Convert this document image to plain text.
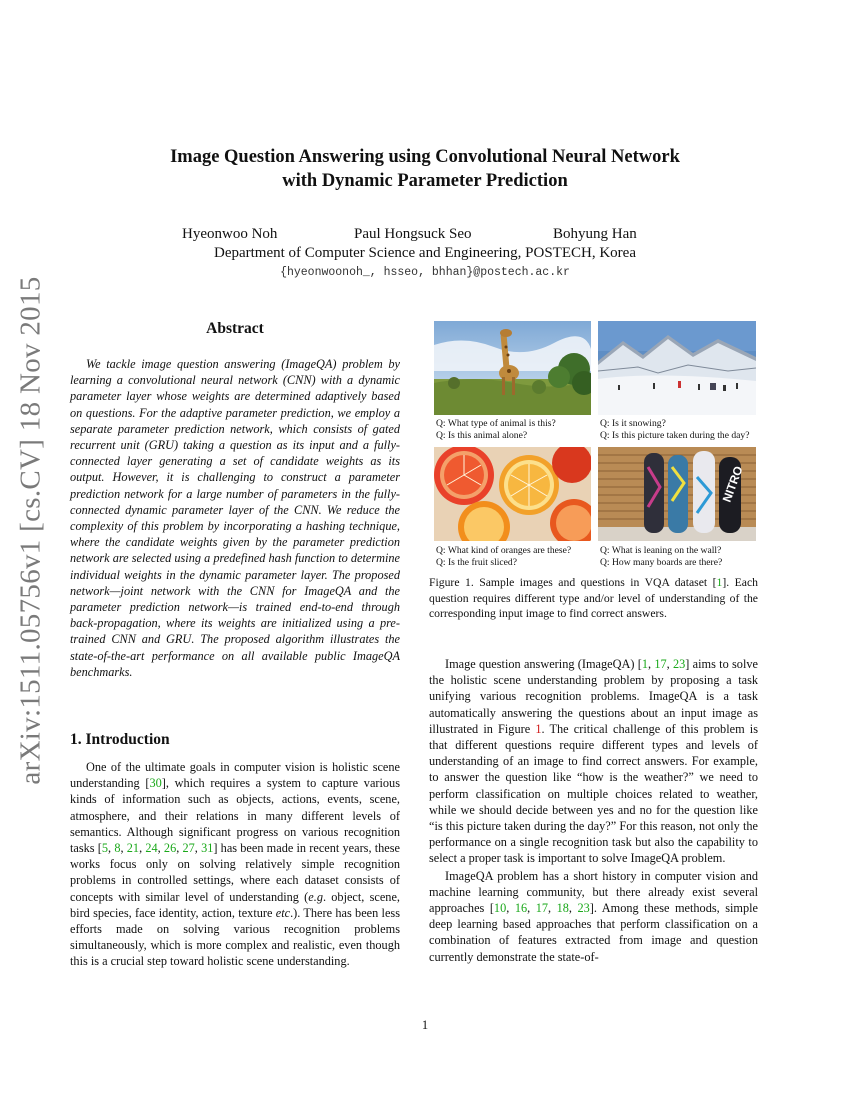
Image Question Answering using Convolutional Neural Network
with Dynamic Parameter Prediction
Hyeonwoo Noh	Paul Hongsuck Seo	Bohyung Han
Department of Computer Science and Engineering, POSTECH, Korea
{hyeonwoonoh_, hsseo, bhhan}@postech.ac.kr
arXiv:1511.05756v1 [cs.CV] 18 Nov 2015	Abstract

We tackle image question answering (ImageQA) problem by learning a convolutional neural network (CNN) with a dynamic parameter layer whose weights are determined adaptively based on questions. For the adaptive parameter prediction, we employ a separate parameter prediction network, which consists of gated recurrent unit (GRU) taking a question as its input and a fully-connected layer generating a set of candidate weights as its output. However, it is challenging to construct a parameter prediction network for a large number of parameters in the fully-connected dynamic parameter layer of the CNN. We reduce the complexity of this problem by incorporating a hashing technique, where the candidate weights given by the parameter prediction network are selected using a predefined hash function to determine individual weights in the dynamic parameter layer. The proposed network—joint network with the CNN for ImageQA and the parameter prediction network—is trained end-to-end through back-propagation, where its weights are initialized using a pre-trained CNN and GRU. The proposed algorithm illustrates the state-of-the-art performance on all available public ImageQA benchmarks.

1. Introduction

One of the ultimate goals in computer vision is holistic scene understanding [30], which requires a system to capture various kinds of information such as objects, actions, events, scene, atmosphere, and their relations in many different levels of semantics. Although significant progress on various recognition tasks [5, 8, 21, 24, 26, 27, 31] has been made in recent years, these works focus only on solving relatively simple recognition problems in controlled settings, where each dataset consists of concepts with similar level of understanding (e.g. object, scene, bird species, face identity, action, texture etc.). There has been less efforts made on solving various recognition problems simultaneously, which is more complex and realistic, even though this is a crucial step toward holistic scene understanding.

Q: What type of animal is this?
Q: Is this animal alone?
Q: Is it snowing?
Q: Is this picture taken during the day?
Q: What kind of oranges are these?
Q: Is the fruit sliced?
NITRO
Q: What is leaning on the wall?
Q: How many boards are there?
Figure 1. Sample images and questions in VQA dataset [1]. Each question requires different type and/or level of understanding of the corresponding input image to find correct answers.

Image question answering (ImageQA) [1, 17, 23] aims to solve the holistic scene understanding problem by proposing a task unifying various recognition problems. ImageQA is a task automatically answering the questions about an input image as illustrated in Figure 1. The critical challenge of this problem is that different questions require different types and levels of understanding of an image to find correct answers. For example, to answer the question like “how is the weather?” we need to perform classification on multiple choices related to weather, while we should decide between yes and no for the question like “is this picture taken during the day?” For this reason, not only the performance on a single recognition task but also the capability to select a proper task is important to solve ImageQA problem.

ImageQA problem has a short history in computer vision and machine learning community, but there already exist several approaches [10, 16, 17, 18, 23]. Among these methods, simple deep learning based approaches that perform classification on a combination of features extracted from image and question currently demonstrate the state-of-

1
